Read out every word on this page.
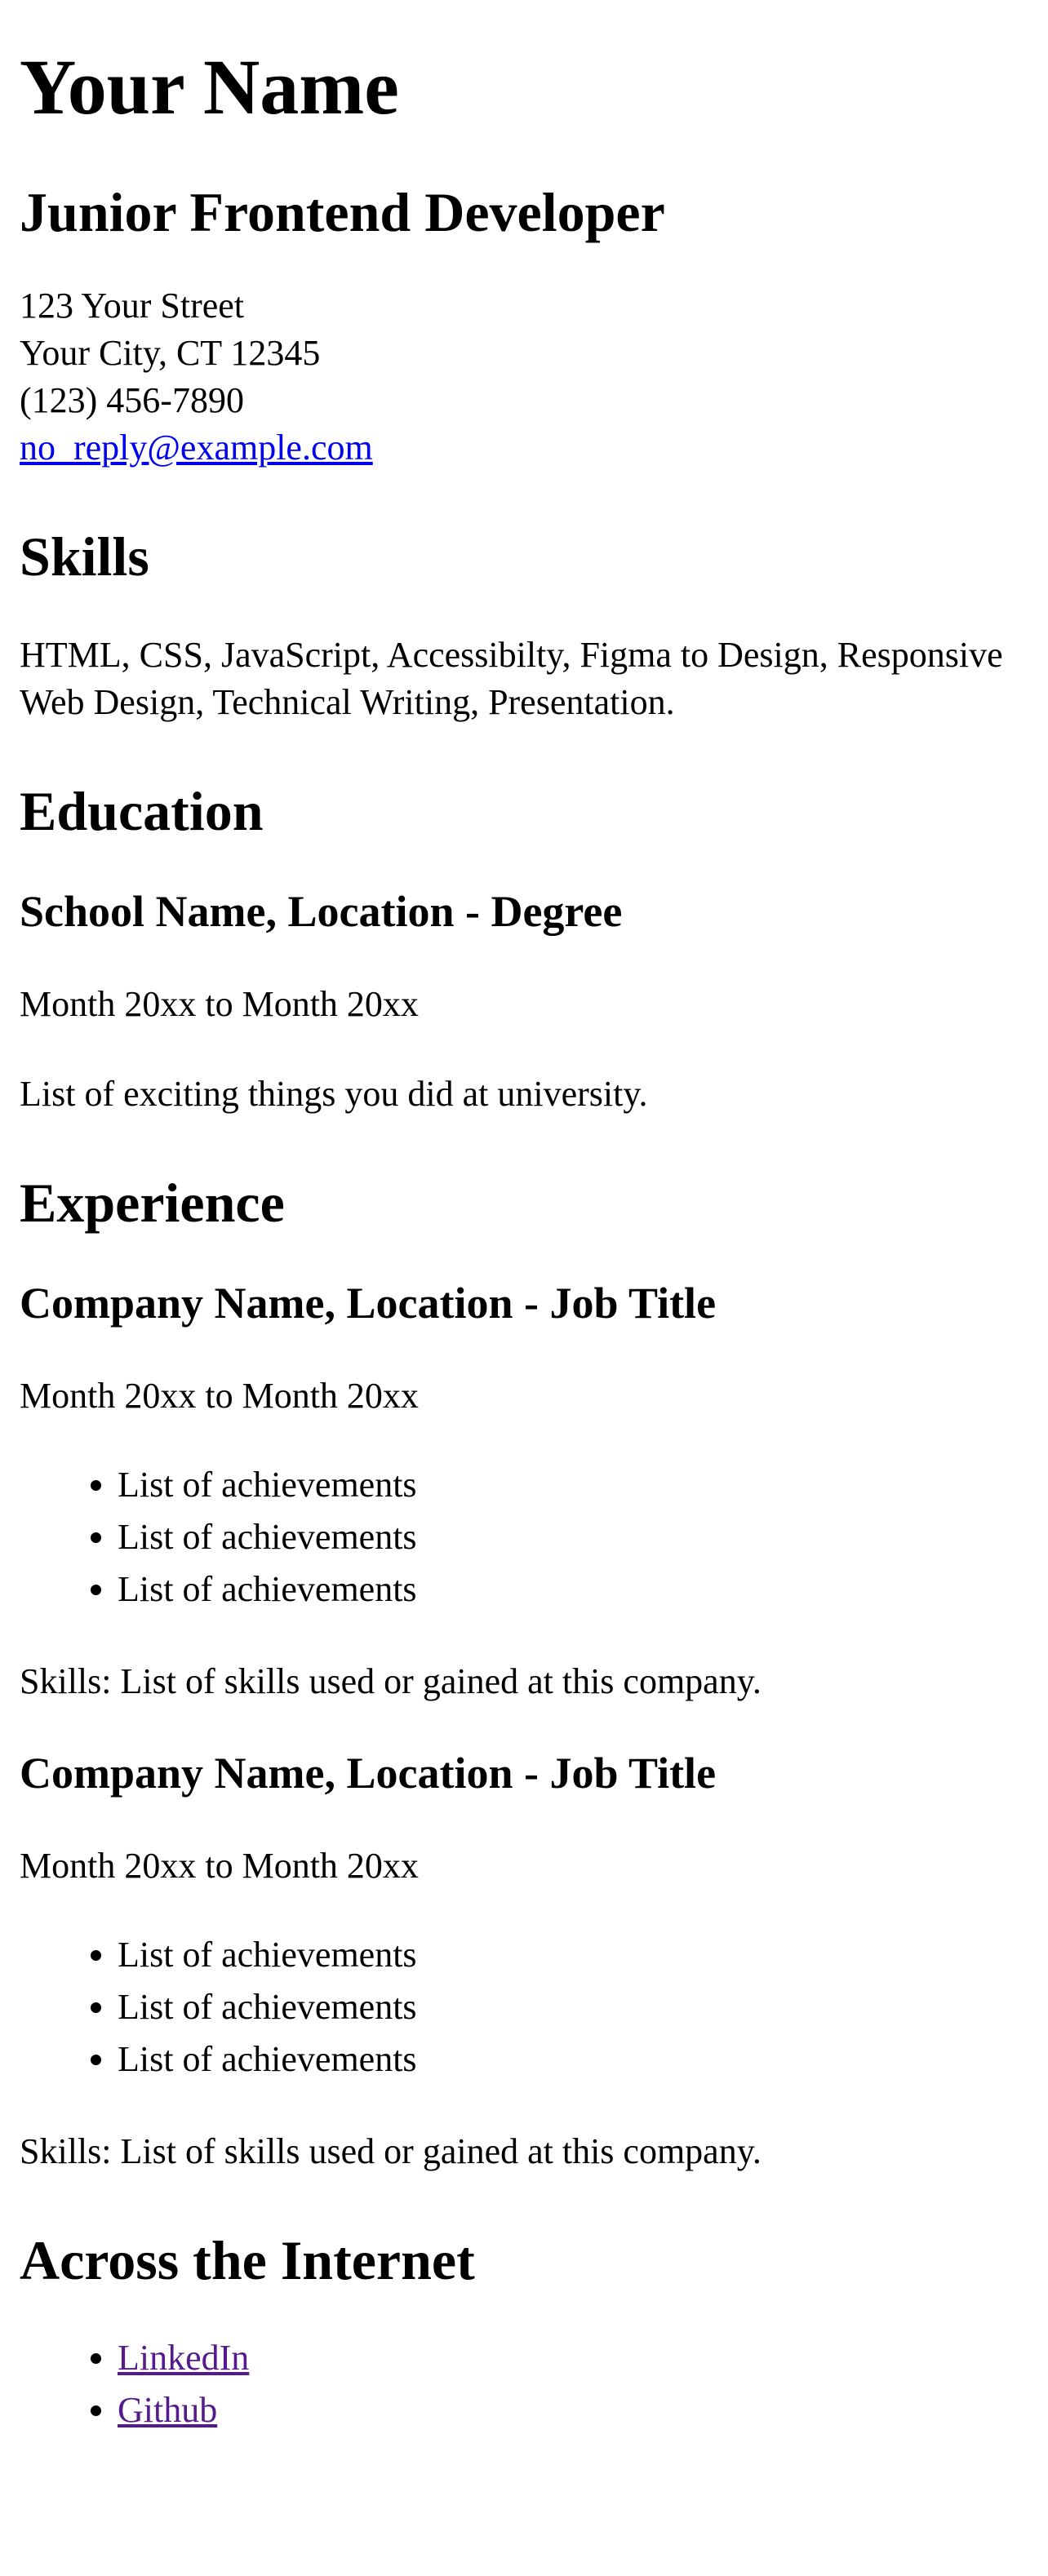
Your Name
Junior Frontend Developer

123 Your Street

Your City, CT 12345

(123) 456-7890

no_reply@example.com

Skills

HTML, CSS, JavaScript, Accessibilty, Figma to Design, Responsive Web Design, Technical Writing, Presentation.

Education
School Name, Location - Degree

Month 20xx to Month 20xx

List of exciting things you did at university.

Experience
Company Name, Location - Job Title

Month 20xx to Month 20xx

• List of achievements
• List of achievements
• List of achievements

Skills: List of skills used or gained at this company.

Company Name, Location - Job Title

Month 20xx to Month 20xx

• List of achievements
• List of achievements
• List of achievements

Skills: List of skills used or gained at this company.

Across the Internet
• LinkedIn
• Github
